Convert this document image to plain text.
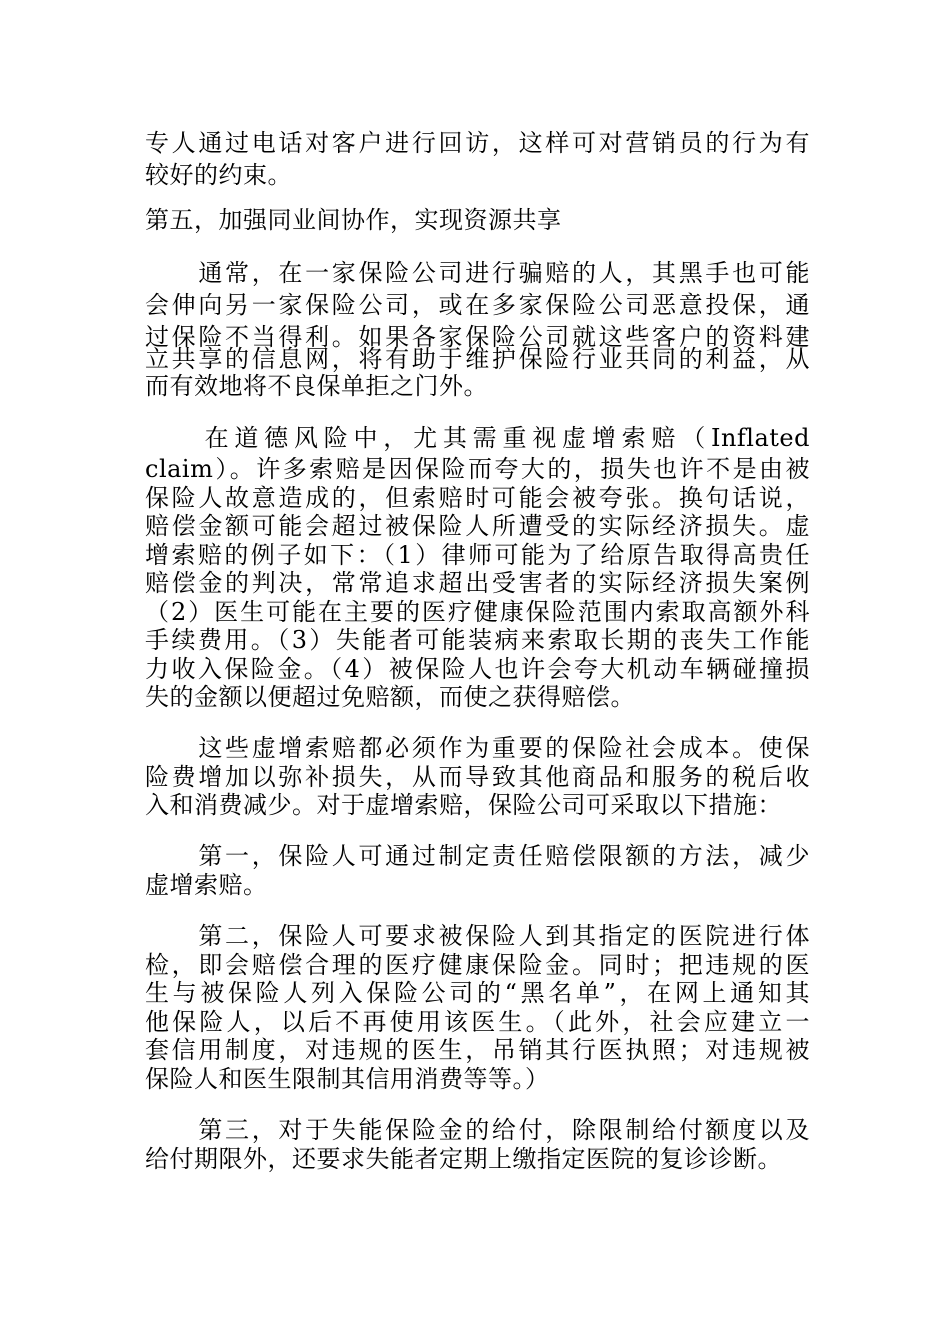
专人通过电话对客户进行回访，这样可对营销员的行为有
较好的约束。
第五，加强同业间协作，实现资源共享
　　通常，在一家保险公司进行骗赔的人，其黑手也可能
会伸向另一家保险公司，或在多家保险公司恶意投保，通
过保险不当得利。如果各家保险公司就这些客户的资料建
立共享的信息网，将有助于维护保险行业共同的利益，从
而有效地将不良保单拒之门外。
　　在道德风险中，尤其需重视虚增索赔（Inflated
claim）。许多索赔是因保险而夸大的，损失也许不是由被
保险人故意造成的，但索赔时可能会被夸张。换句话说，
赔偿金额可能会超过被保险人所遭受的实际经济损失。虚
增索赔的例子如下：（1）律师可能为了给原告取得高贵任
赔偿金的判决，常常追求超出受害者的实际经济损失案例
（2）医生可能在主要的医疗健康保险范围内索取高额外科
手续费用。（3）失能者可能装病来索取长期的丧失工作能
力收入保险金。（4）被保险人也许会夸大机动车辆碰撞损
失的金额以便超过免赔额，而使之获得赔偿。
　　这些虚增索赔都必须作为重要的保险社会成本。使保
险费增加以弥补损失，从而导致其他商品和服务的税后收
入和消费减少。对于虚增索赔，保险公司可采取以下措施：
　　第一，保险人可通过制定责任赔偿限额的方法，减少
虚增索赔。
　　第二，保险人可要求被保险人到其指定的医院进行体
检，即会赔偿合理的医疗健康保险金。同时；把违规的医
生与被保险人列入保险公司的“黑名单”，在网上通知其
他保险人，以后不再使用该医生。（此外，社会应建立一
套信用制度，对违规的医生，吊销其行医执照；对违规被
保险人和医生限制其信用消费等等。）
　　第三，对于失能保险金的给付，除限制给付额度以及
给付期限外，还要求失能者定期上缴指定医院的复诊诊断。
